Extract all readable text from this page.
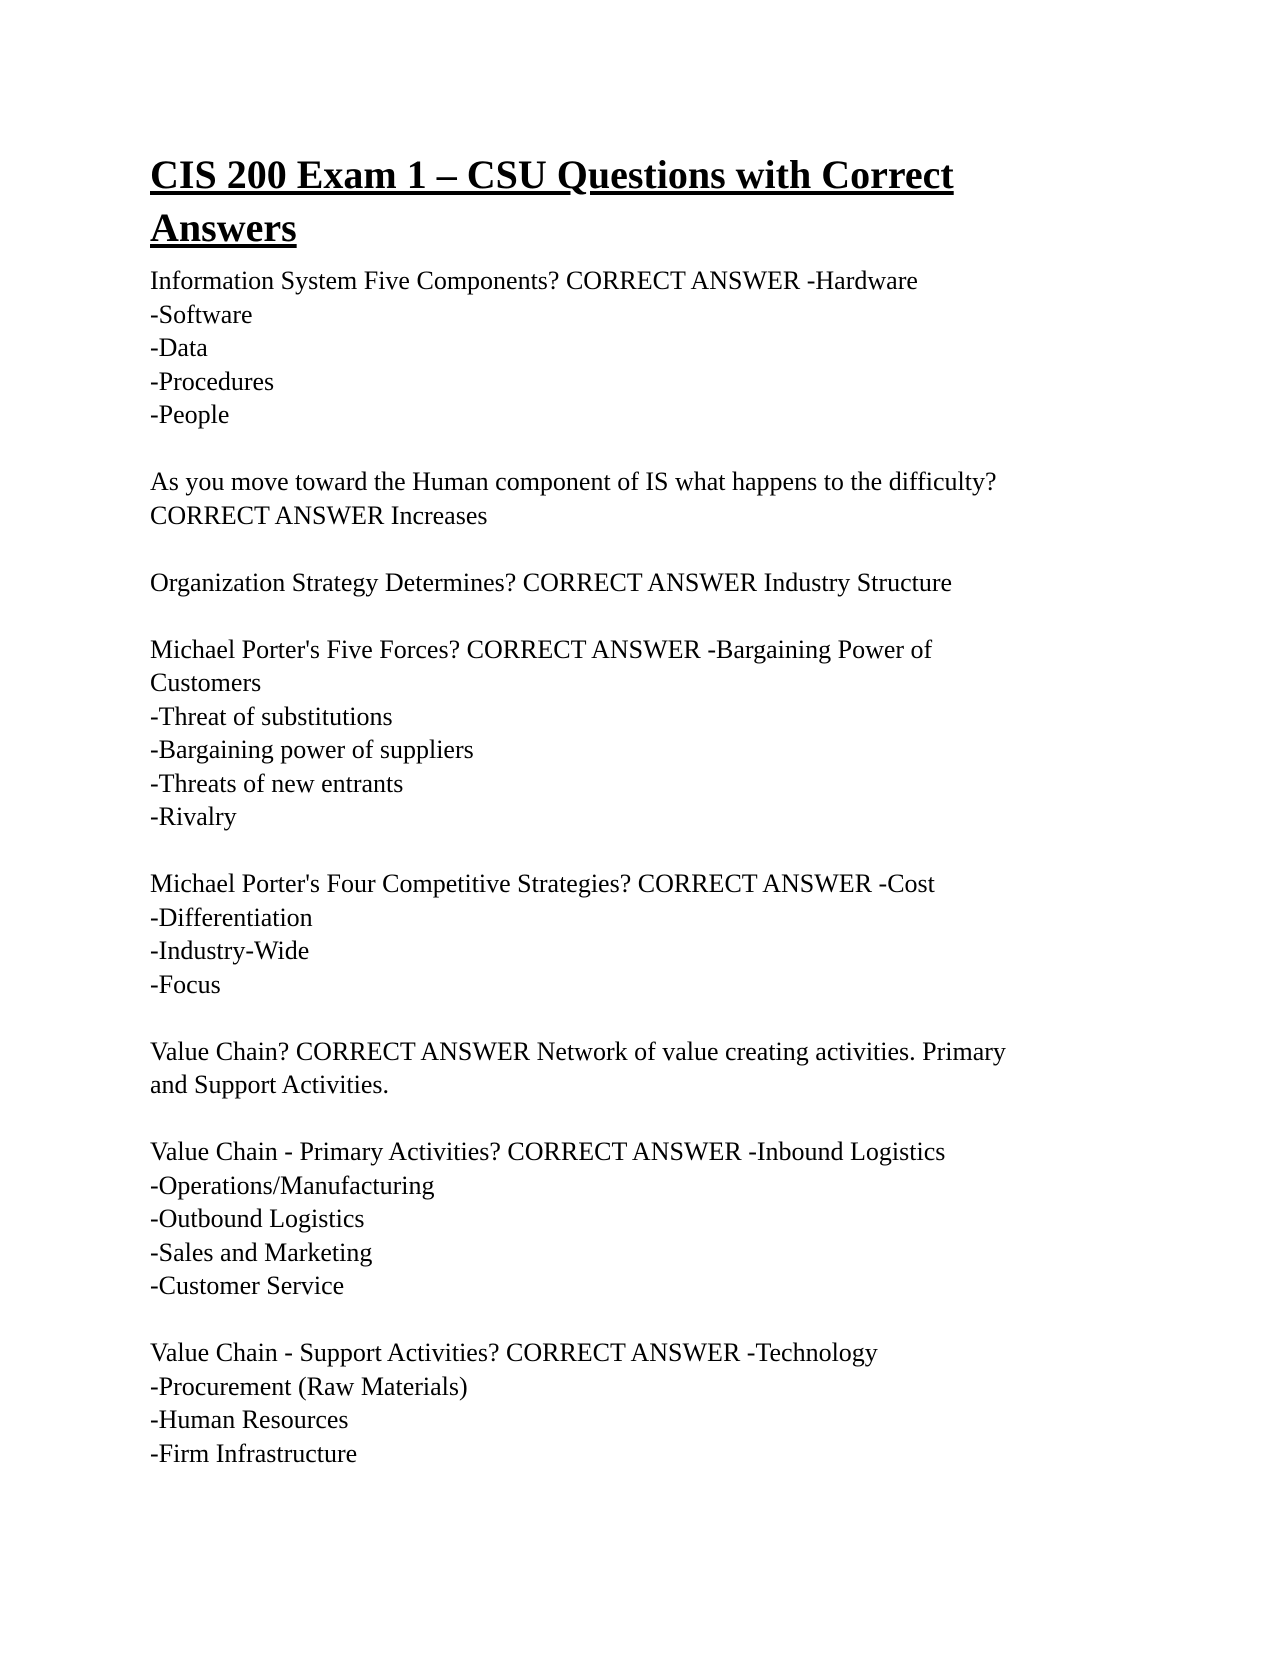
CIS 200 Exam 1 – CSU Questions with Correct
Answers
Information System Five Components? CORRECT ANSWER -Hardware
-Software
-Data
-Procedures
-People
As you move toward the Human component of IS what happens to the difficulty?
CORRECT ANSWER Increases
Organization Strategy Determines? CORRECT ANSWER Industry Structure
Michael Porter's Five Forces? CORRECT ANSWER -Bargaining Power of
Customers
-Threat of substitutions
-Bargaining power of suppliers
-Threats of new entrants
-Rivalry
Michael Porter's Four Competitive Strategies? CORRECT ANSWER -Cost
-Differentiation
-Industry-Wide
-Focus
Value Chain? CORRECT ANSWER Network of value creating activities. Primary
and Support Activities.
Value Chain - Primary Activities? CORRECT ANSWER -Inbound Logistics
-Operations/Manufacturing
-Outbound Logistics
-Sales and Marketing
-Customer Service
Value Chain - Support Activities? CORRECT ANSWER -Technology
-Procurement (Raw Materials)
-Human Resources
-Firm Infrastructure
